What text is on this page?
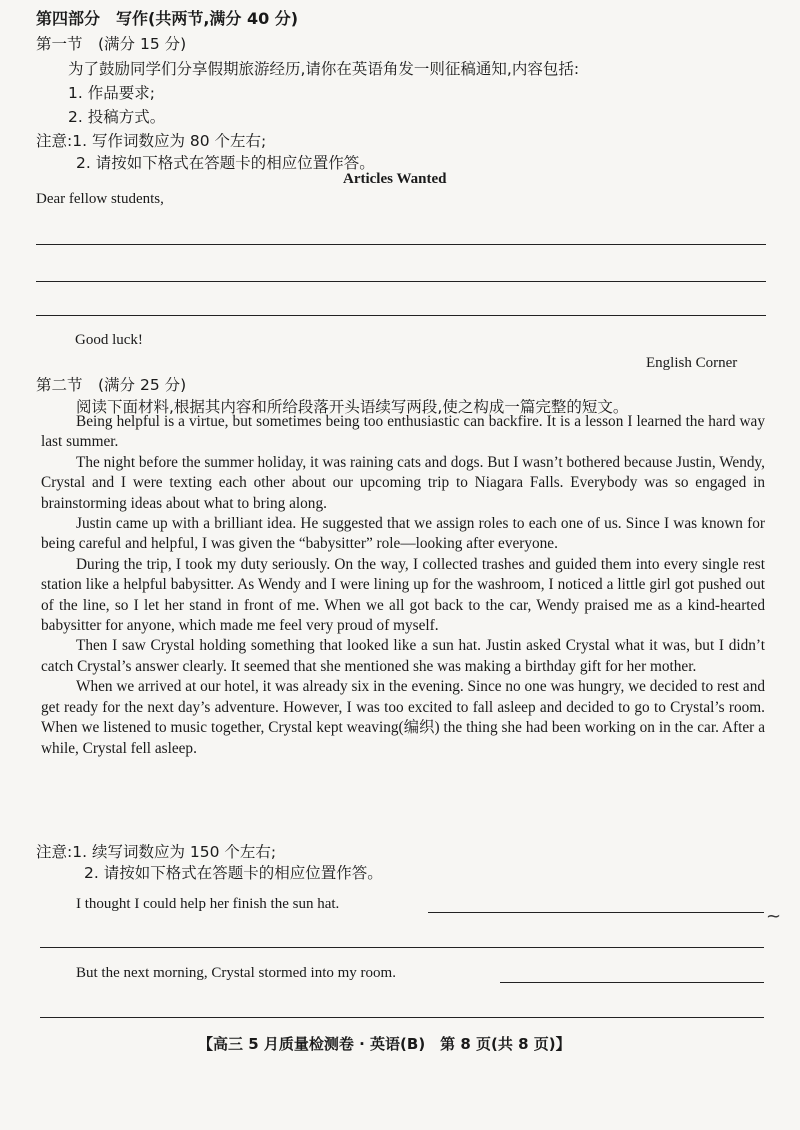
第四部分　写作(共两节,满分 40 分)
第一节　(满分 15 分)
为了鼓励同学们分享假期旅游经历,请你在英语角发一则征稿通知,内容包括:
1. 作品要求;
2. 投稿方式。
注意:1. 写作词数应为 80 个左右;
2. 请按如下格式在答题卡的相应位置作答。
Articles Wanted
Dear fellow students,
Good luck!
English Corner
第二节　(满分 25 分)
阅读下面材料,根据其内容和所给段落开头语续写两段,使之构成一篇完整的短文。

Being helpful is a virtue, but sometimes being too enthusiastic can backfire. It is a lesson I learned the hard way last summer.

The night before the summer holiday, it was raining cats and dogs. But I wasn’t bothered because Justin, Wendy, Crystal and I were texting each other about our upcoming trip to Niagara Falls. Everybody was so engaged in brainstorming ideas about what to bring along.

Justin came up with a brilliant idea. He suggested that we assign roles to each one of us. Since I was known for being careful and helpful, I was given the “babysitter” role—looking after everyone.

During the trip, I took my duty seriously. On the way, I collected trashes and guided them into every single rest station like a helpful babysitter. As Wendy and I were lining up for the washroom, I noticed a little girl got pushed out of the line, so I let her stand in front of me. When we all got back to the car, Wendy praised me as a kind-hearted babysitter for anyone, which made me feel very proud of myself.

Then I saw Crystal holding something that looked like a sun hat. Justin asked Crystal what it was, but I didn’t catch Crystal’s answer clearly. It seemed that she mentioned she was making a birthday gift for her mother.

When we arrived at our hotel, it was already six in the evening. Since no one was hungry, we decided to rest and get ready for the next day’s adventure. However, I was too excited to fall asleep and decided to go to Crystal’s room. When we listened to music together, Crystal kept weaving(编织) the thing she had been working on in the car. After a while, Crystal fell asleep.

注意:1. 续写词数应为 150 个左右;
2. 请按如下格式在答题卡的相应位置作答。
I thought I could help her finish the sun hat.
~
But the next morning, Crystal stormed into my room.
【高三 5 月质量检测卷 · 英语(B)　第 8 页(共 8 页)】
